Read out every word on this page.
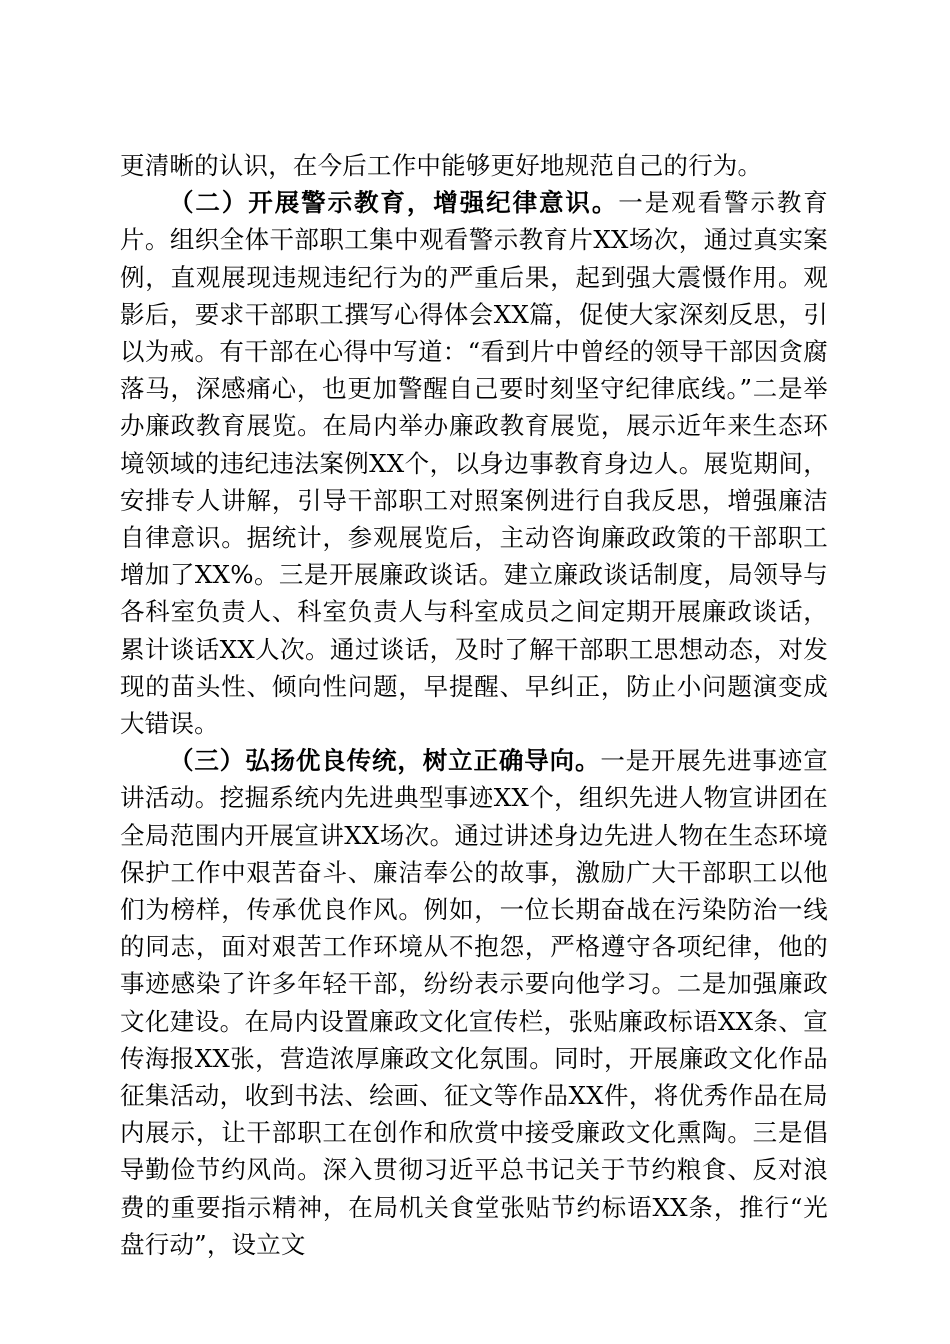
更清晰的认识，在今后工作中能够更好地规范自己的行为。

（二）开展警示教育，增强纪律意识。一是观看警示教育片。组织全体干部职工集中观看警示教育片XX场次，通过真实案例，直观展现违规违纪行为的严重后果，起到强大震慑作用。观影后，要求干部职工撰写心得体会XX篇，促使大家深刻反思，引以为戒。有干部在心得中写道：“看到片中曾经的领导干部因贪腐落马，深感痛心，也更加警醒自己要时刻坚守纪律底线。”二是举办廉政教育展览。在局内举办廉政教育展览，展示近年来生态环境领域的违纪违法案例XX个，以身边事教育身边人。展览期间，安排专人讲解，引导干部职工对照案例进行自我反思，增强廉洁自律意识。据统计，参观展览后，主动咨询廉政政策的干部职工增加了XX%。三是开展廉政谈话。建立廉政谈话制度，局领导与各科室负责人、科室负责人与科室成员之间定期开展廉政谈话，累计谈话XX人次。通过谈话，及时了解干部职工思想动态，对发现的苗头性、倾向性问题，早提醒、早纠正，防止小问题演变成大错误。

（三）弘扬优良传统，树立正确导向。一是开展先进事迹宣讲活动。挖掘系统内先进典型事迹XX个，组织先进人物宣讲团在全局范围内开展宣讲XX场次。通过讲述身边先进人物在生态环境保护工作中艰苦奋斗、廉洁奉公的故事，激励广大干部职工以他们为榜样，传承优良作风。例如，一位长期奋战在污染防治一线的同志，面对艰苦工作环境从不抱怨，严格遵守各项纪律，他的事迹感染了许多年轻干部，纷纷表示要向他学习。二是加强廉政文化建设。在局内设置廉政文化宣传栏，张贴廉政标语XX条、宣传海报XX张，营造浓厚廉政文化氛围。同时，开展廉政文化作品征集活动，收到书法、绘画、征文等作品XX件，将优秀作品在局内展示，让干部职工在创作和欣赏中接受廉政文化熏陶。三是倡导勤俭节约风尚。深入贯彻习近平总书记关于节约粮食、反对浪费的重要指示精神，在局机关食堂张贴节约标语XX条，推行“光盘行动”，设立文
